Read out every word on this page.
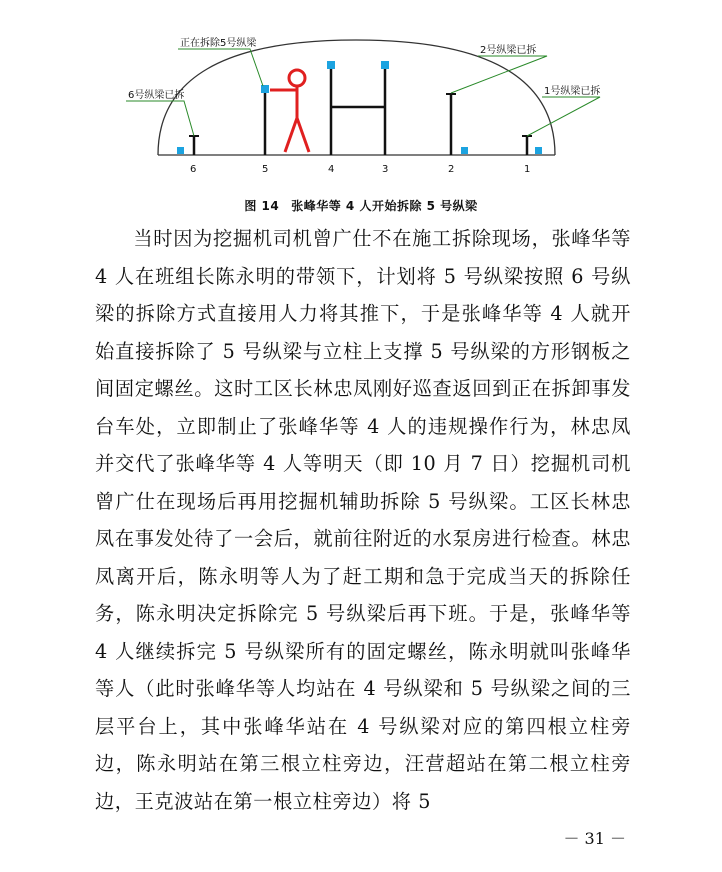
正在拆除5号纵梁
2号纵梁已拆
6号纵梁已拆	1号纵梁已拆
6	5	4	3	2	1
图 14 张峰华等 4 人开始拆除 5 号纵梁

当时因为挖掘机司机曾广仕不在施工拆除现场，张峰华等 4 人在班组长陈永明的带领下，计划将 5 号纵梁按照 6 号纵梁的拆除方式直接用人力将其推下，于是张峰华等 4 人就开始直接拆除了 5 号纵梁与立柱上支撑 5 号纵梁的方形钢板之间固定螺丝。这时工区长林忠凤刚好巡查返回到正在拆卸事发台车处，立即制止了张峰华等 4 人的违规操作行为，林忠凤并交代了张峰华等 4 人等明天（即 10 月 7 日）挖掘机司机曾广仕在现场后再用挖掘机辅助拆除 5 号纵梁。工区长林忠凤在事发处待了一会后，就前往附近的水泵房进行检查。林忠凤离开后，陈永明等人为了赶工期和急于完成当天的拆除任务，陈永明决定拆除完 5 号纵梁后再下班。于是，张峰华等 4 人继续拆完 5 号纵梁所有的固定螺丝，陈永明就叫张峰华等人（此时张峰华等人均站在 4 号纵梁和 5 号纵梁之间的三层平台上，其中张峰华站在 4 号纵梁对应的第四根立柱旁边，陈永明站在第三根立柱旁边，汪营超站在第二根立柱旁边，王克波站在第一根立柱旁边）将 5

－ 31 －
